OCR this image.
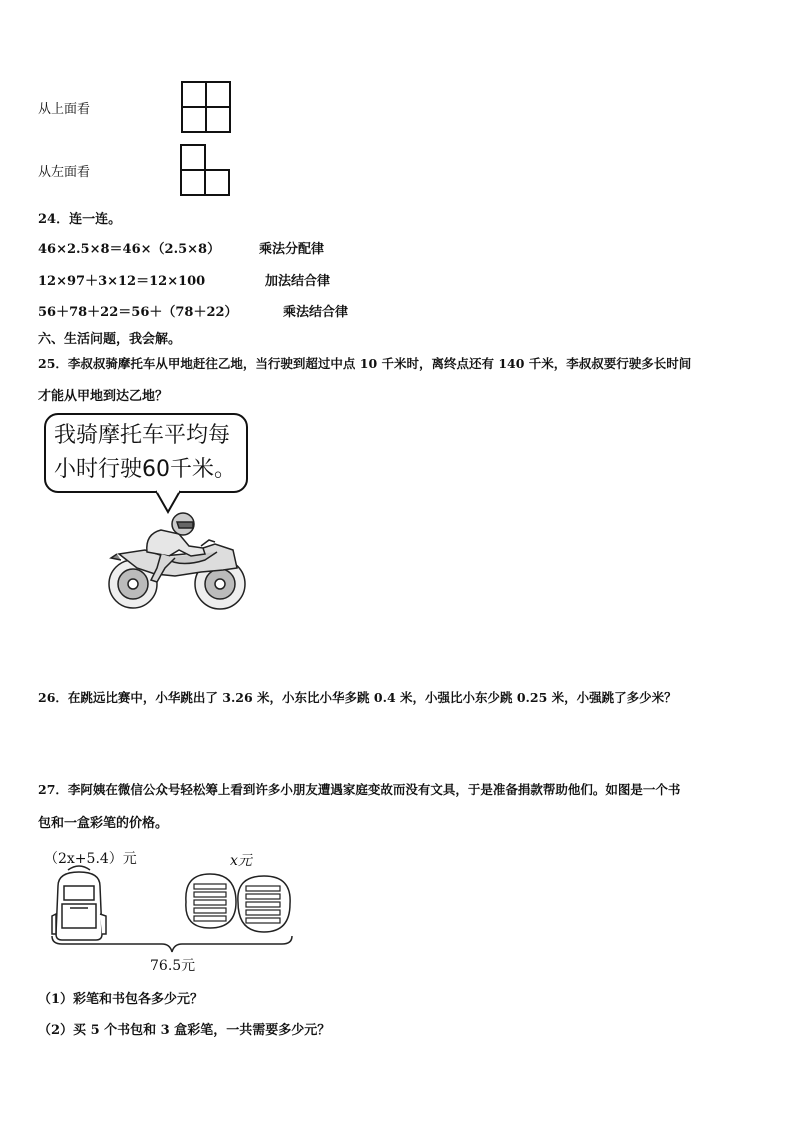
从上面看
从左面看
24．连一连。
46×2.5×8＝46×（2.5×8）	乘法分配律
12×97＋3×12＝12×100	加法结合律
56＋78＋22＝56＋（78＋22）	乘法结合律
六、生活问题，我会解。
25．李叔叔骑摩托车从甲地赶往乙地，当行驶到超过中点 10 千米时，离终点还有 140 千米，李叔叔要行驶多长时间
才能从甲地到达乙地？
我骑摩托车平均每
小时行驶60千米。
26．在跳远比赛中，小华跳出了 3.26 米，小东比小华多跳 0.4 米，小强比小东少跳 0.25 米，小强跳了多少米？
27．李阿姨在微信公众号轻松筹上看到许多小朋友遭遇家庭变故而没有文具，于是准备捐款帮助他们。如图是一个书
包和一盒彩笔的价格。
（2x+5.4）元	x元
76.5元
（1）彩笔和书包各多少元？
（2）买 5 个书包和 3 盒彩笔，一共需要多少元？
